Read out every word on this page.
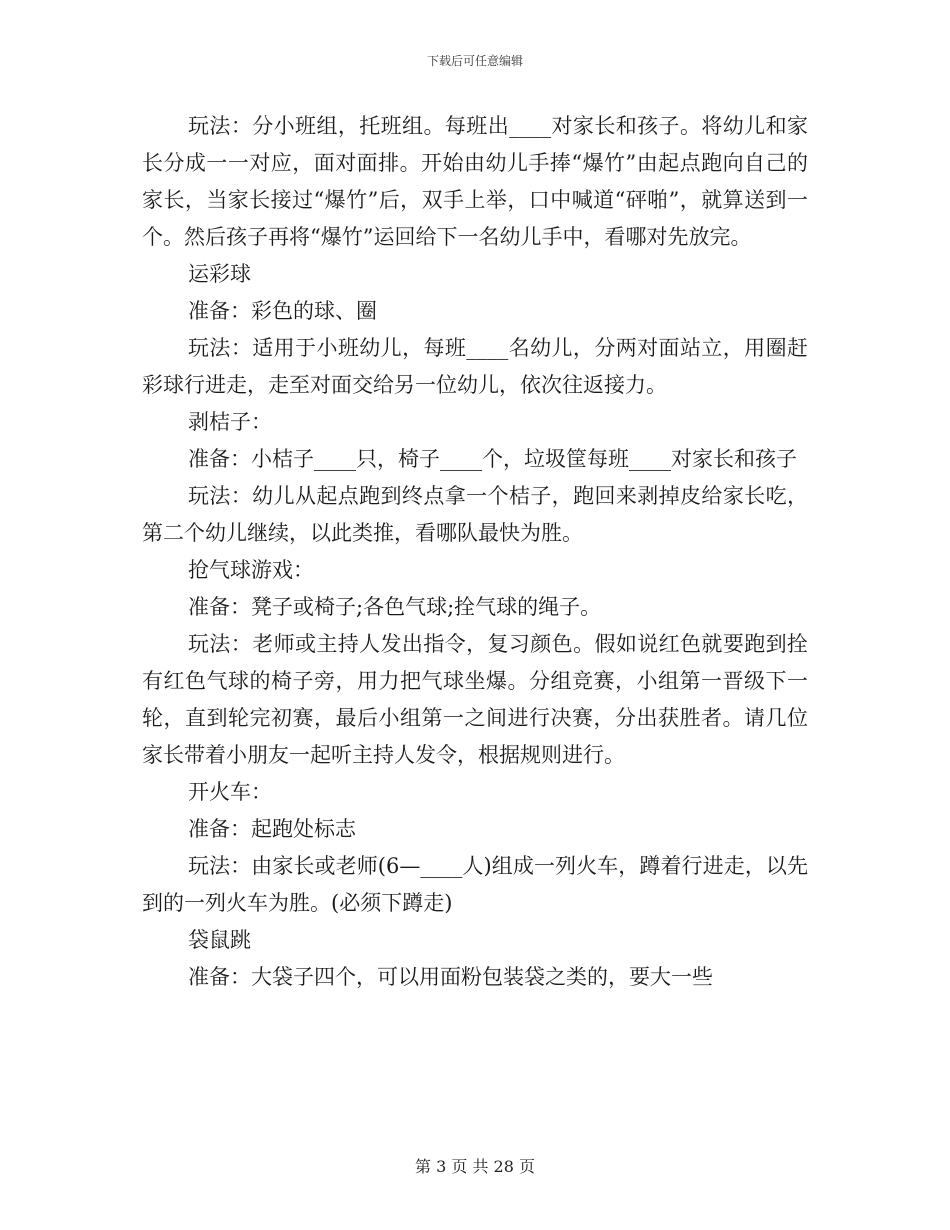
下载后可任意编辑

玩法：分小班组，托班组。每班出____对家长和孩子。将幼儿和家长分成一一对应，面对面排。开始由幼儿手捧“爆竹”由起点跑向自己的家长，当家长接过“爆竹”后，双手上举，口中喊道“砰啪”，就算送到一个。然后孩子再将“爆竹”运回给下一名幼儿手中，看哪对先放完。

运彩球

准备：彩色的球、圈

玩法：适用于小班幼儿，每班____名幼儿，分两对面站立，用圈赶彩球行进走，走至对面交给另一位幼儿，依次往返接力。

剥桔子：

准备：小桔子____只，椅子____个，垃圾筐每班____对家长和孩子

玩法：幼儿从起点跑到终点拿一个桔子，跑回来剥掉皮给家长吃，第二个幼儿继续，以此类推，看哪队最快为胜。

抢气球游戏：

准备：凳子或椅子;各色气球;拴气球的绳子。

玩法：老师或主持人发出指令，复习颜色。假如说红色就要跑到拴有红色气球的椅子旁，用力把气球坐爆。分组竞赛，小组第一晋级下一轮，直到轮完初赛，最后小组第一之间进行决赛，分出获胜者。请几位家长带着小朋友一起听主持人发令，根据规则进行。

开火车：

准备：起跑处标志

玩法：由家长或老师(6—____人)组成一列火车，蹲着行进走，以先到的一列火车为胜。(必须下蹲走)

袋鼠跳

准备：大袋子四个，可以用面粉包装袋之类的，要大一些

第 3 页 共 28 页
